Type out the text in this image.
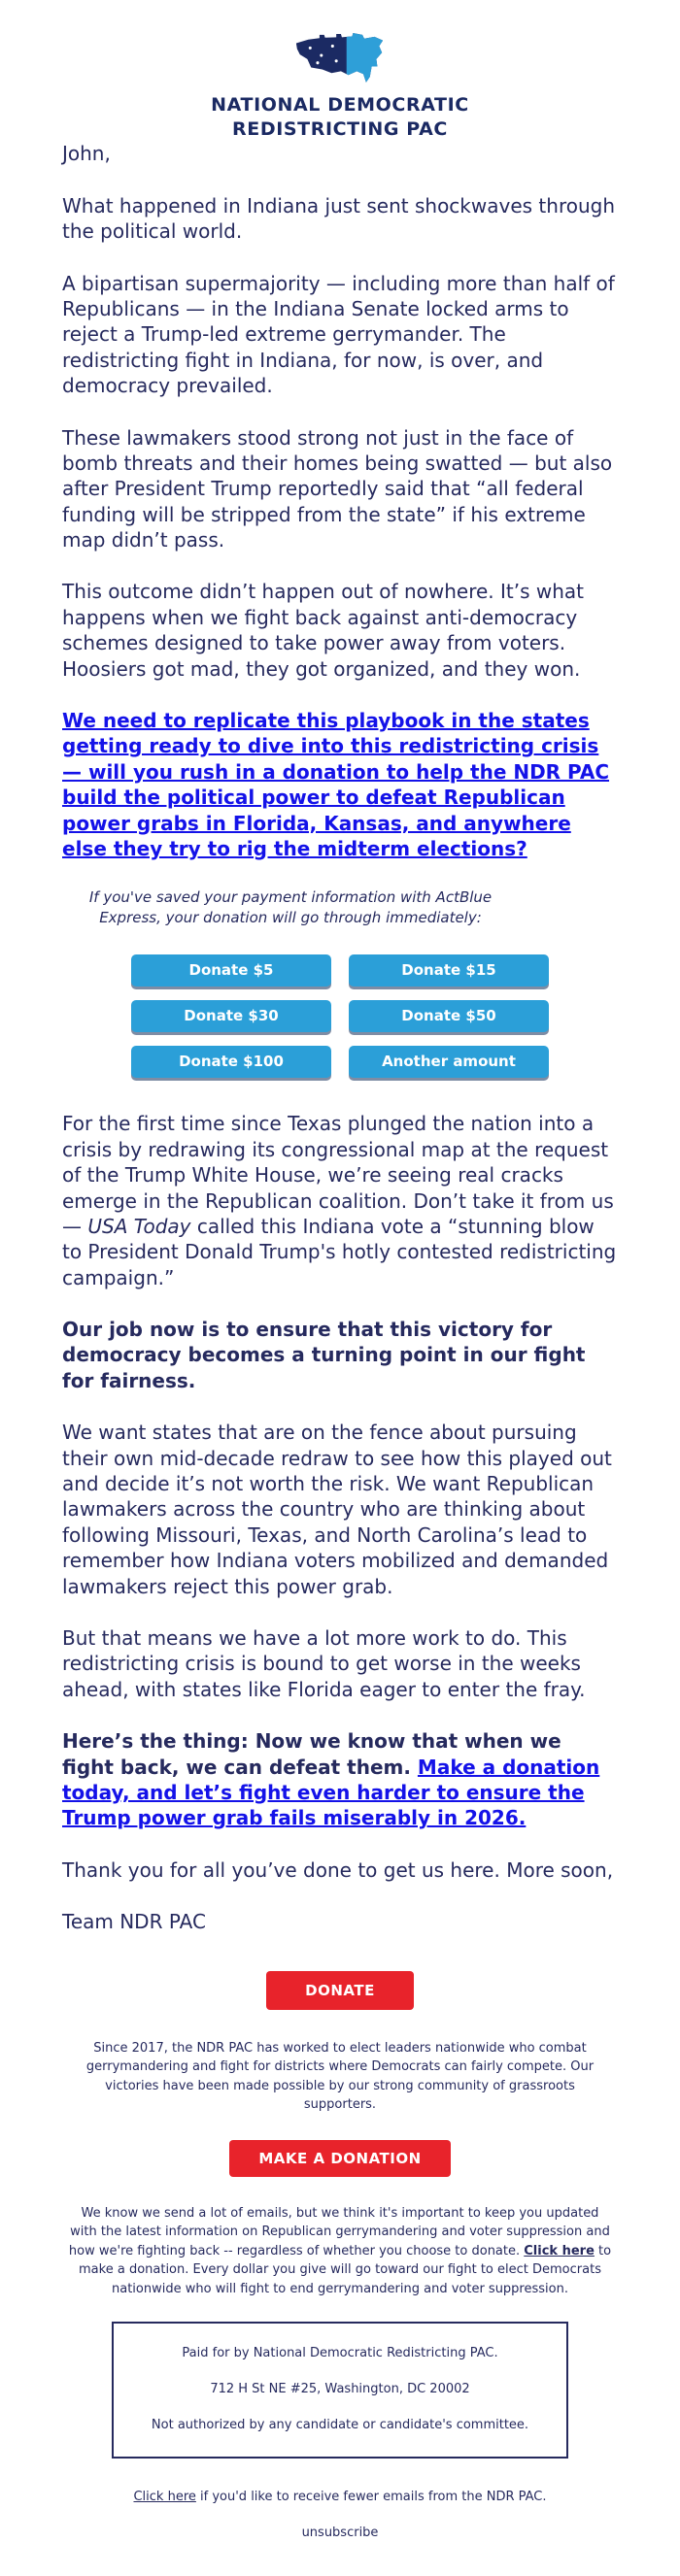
NATIONAL DEMOCRATIC
REDISTRICTING PAC

John,

What happened in Indiana just sent shockwaves through the political world.

A bipartisan supermajority — including more than half of Republicans — in the Indiana Senate locked arms to reject a Trump-led extreme gerrymander. The redistricting fight in Indiana, for now, is over, and democracy prevailed.

These lawmakers stood strong not just in the face of bomb threats and their homes being swatted — but also after President Trump reportedly said that “all federal funding will be stripped from the state” if his extreme map didn’t pass.

This outcome didn’t happen out of nowhere. It’s what happens when we fight back against anti-democracy schemes designed to take power away from voters. Hoosiers got mad, they got organized, and they won.

We need to replicate this playbook in the states getting ready to dive into this redistricting crisis — will you rush in a donation to help the NDR PAC build the political power to defeat Republican power grabs in Florida, Kansas, and anywhere else they try to rig the midterm elections?

If you've saved your payment information with ActBlue Express, your donation will go through immediately:

Donate $5	Donate $15
Donate $30	Donate $50
Donate $100	Another amount

For the first time since Texas plunged the nation into a crisis by redrawing its congressional map at the request of the Trump White House, we’re seeing real cracks emerge in the Republican coalition. Don’t take it from us — USA Today called this Indiana vote a “stunning blow to President Donald Trump's hotly contested redistricting campaign.”

Our job now is to ensure that this victory for democracy becomes a turning point in our fight for fairness.

We want states that are on the fence about pursuing their own mid-decade redraw to see how this played out and decide it’s not worth the risk. We want Republican lawmakers across the country who are thinking about following Missouri, Texas, and North Carolina’s lead to remember how Indiana voters mobilized and demanded lawmakers reject this power grab.

But that means we have a lot more work to do. This redistricting crisis is bound to get worse in the weeks ahead, with states like Florida eager to enter the fray.

Here’s the thing: Now we know that when we fight back, we can defeat them. Make a donation today, and let’s fight even harder to ensure the Trump power grab fails miserably in 2026.

Thank you for all you’ve done to get us here. More soon,

Team NDR PAC

DONATE

Since 2017, the NDR PAC has worked to elect leaders nationwide who combat gerrymandering and fight for districts where Democrats can fairly compete. Our victories have been made possible by our strong community of grassroots supporters.

MAKE A DONATION

We know we send a lot of emails, but we think it's important to keep you updated with the latest information on Republican gerrymandering and voter suppression and how we're fighting back -- regardless of whether you choose to donate. Click here to make a donation. Every dollar you give will go toward our fight to elect Democrats nationwide who will fight to end gerrymandering and voter suppression.

Paid for by National Democratic Redistricting PAC.

712 H St NE #25, Washington, DC 20002

Not authorized by any candidate or candidate's committee.

Click here if you'd like to receive fewer emails from the NDR PAC.

unsubscribe
